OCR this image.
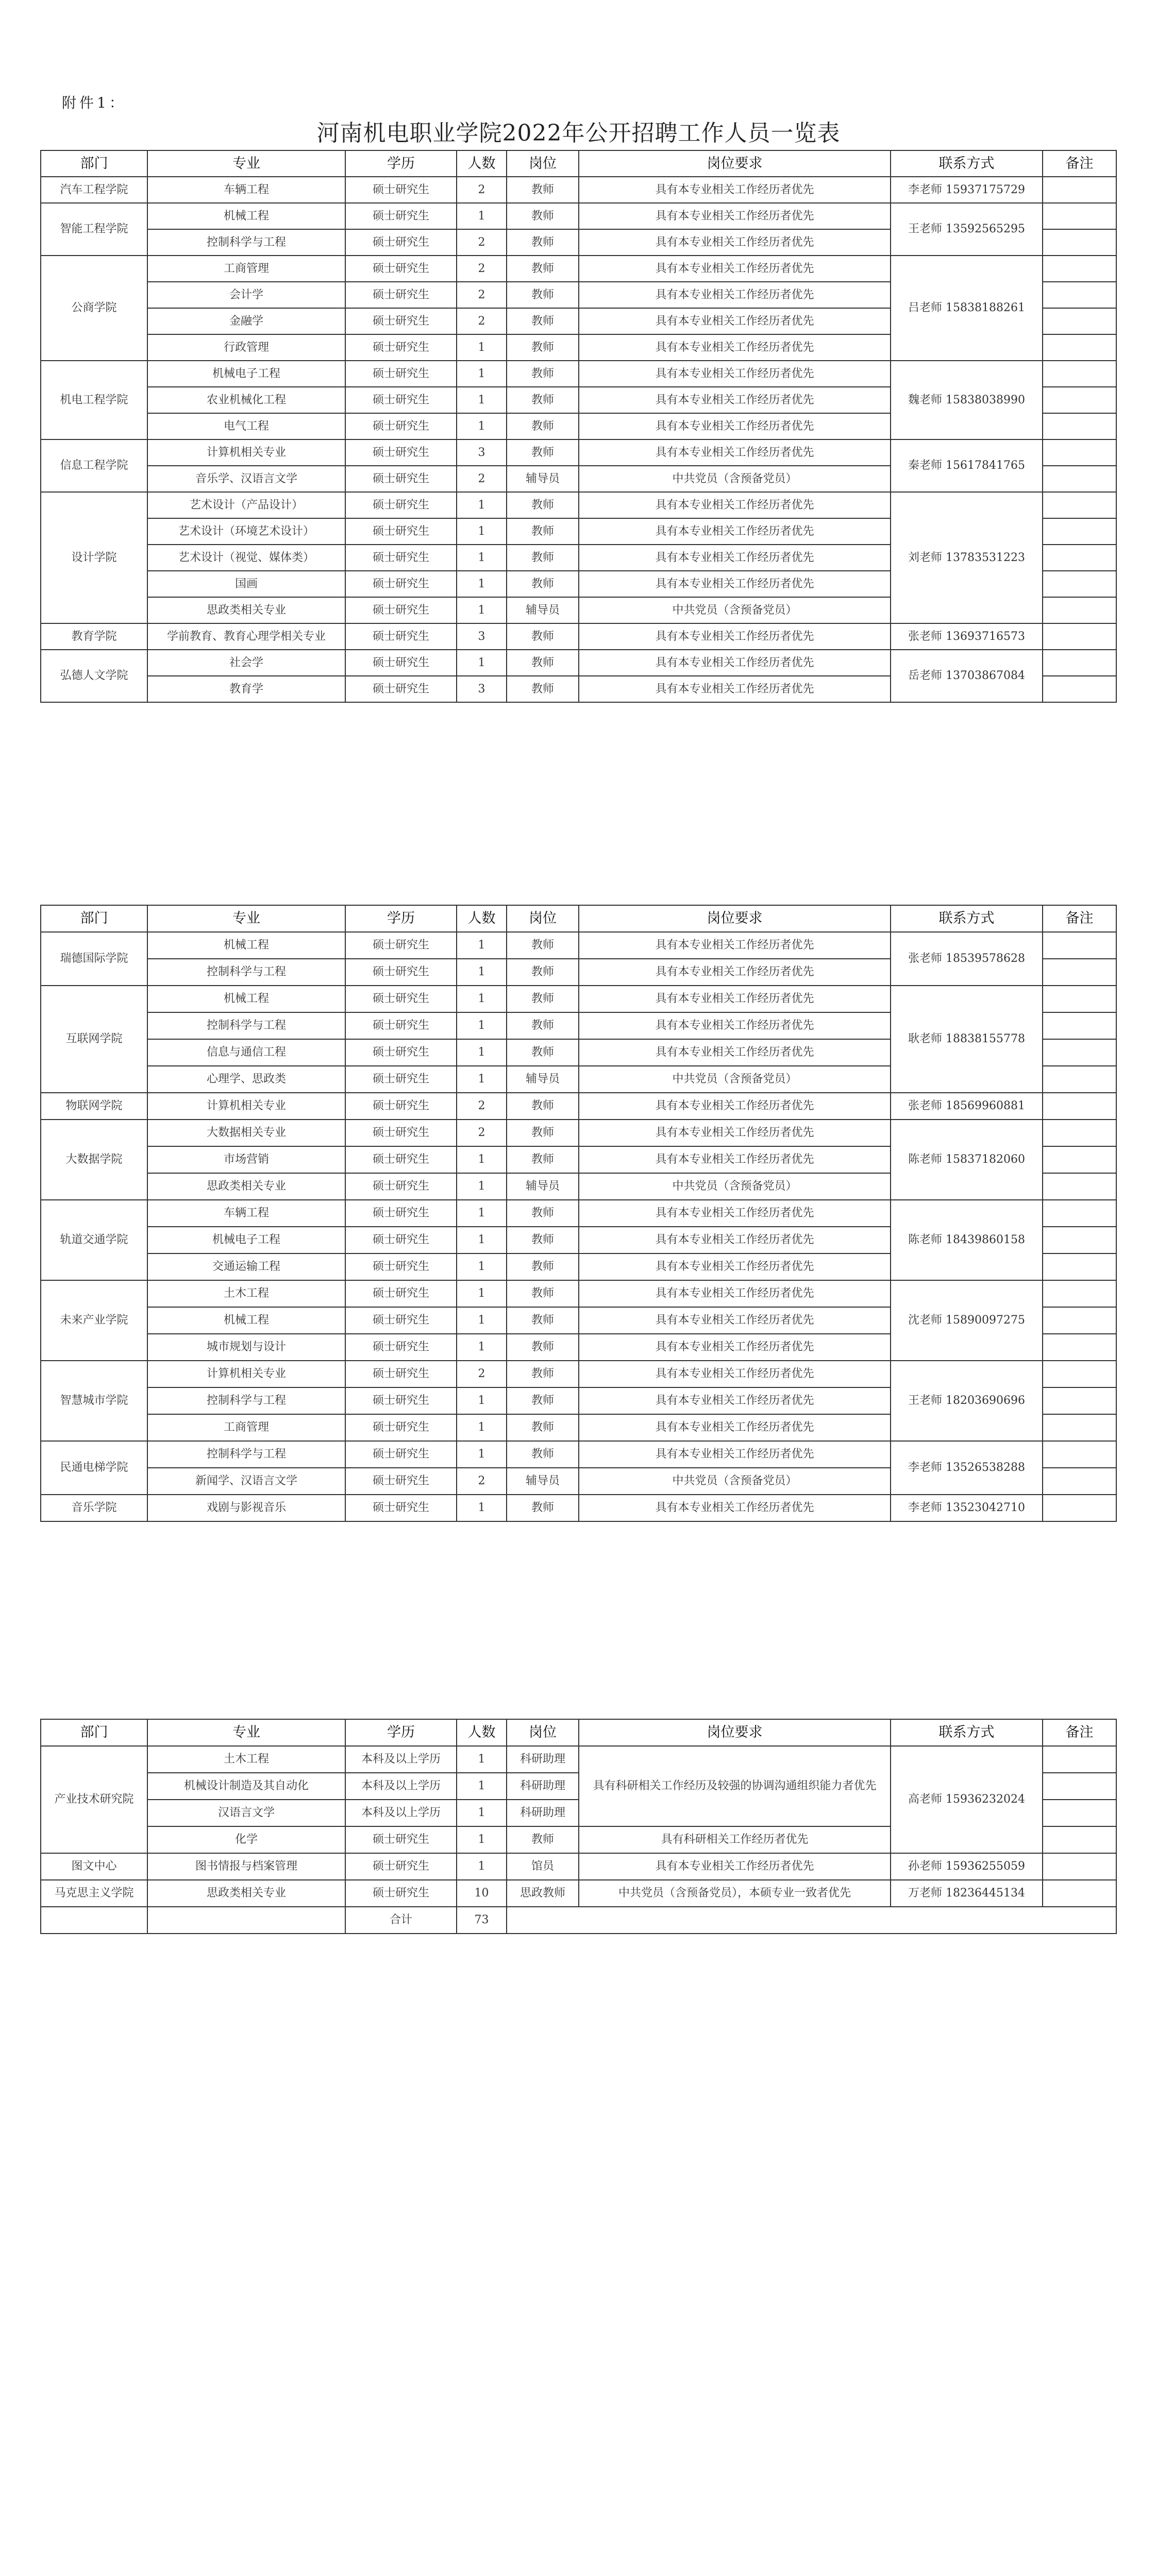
附件1：
河南机电职业学院2022年公开招聘工作人员一览表
部门	专业	学历	人数	岗位	岗位要求	联系方式	备注
汽车工程学院	车辆工程	硕士研究生	2	教师	具有本专业相关工作经历者优先	李老师 15937175729	
智能工程学院	机械工程	硕士研究生	1	教师	具有本专业相关工作经历者优先	王老师 13592565295	
	控制科学与工程	硕士研究生	2	教师	具有本专业相关工作经历者优先		
公商学院	工商管理	硕士研究生	2	教师	具有本专业相关工作经历者优先	吕老师 15838188261	
	会计学	硕士研究生	2	教师	具有本专业相关工作经历者优先		
	金融学	硕士研究生	2	教师	具有本专业相关工作经历者优先		
	行政管理	硕士研究生	1	教师	具有本专业相关工作经历者优先		
机电工程学院	机械电子工程	硕士研究生	1	教师	具有本专业相关工作经历者优先	魏老师 15838038990	
	农业机械化工程	硕士研究生	1	教师	具有本专业相关工作经历者优先		
	电气工程	硕士研究生	1	教师	具有本专业相关工作经历者优先		
信息工程学院	计算机相关专业	硕士研究生	3	教师	具有本专业相关工作经历者优先	秦老师 15617841765	
	音乐学、汉语言文学	硕士研究生	2	辅导员	中共党员（含预备党员）		
设计学院	艺术设计（产品设计）	硕士研究生	1	教师	具有本专业相关工作经历者优先	刘老师 13783531223	
	艺术设计（环境艺术设计）	硕士研究生	1	教师	具有本专业相关工作经历者优先		
	艺术设计（视觉、媒体类）	硕士研究生	1	教师	具有本专业相关工作经历者优先		
	国画	硕士研究生	1	教师	具有本专业相关工作经历者优先		
	思政类相关专业	硕士研究生	1	辅导员	中共党员（含预备党员）		
教育学院	学前教育、教育心理学相关专业	硕士研究生	3	教师	具有本专业相关工作经历者优先	张老师 13693716573	
弘德人文学院	社会学	硕士研究生	1	教师	具有本专业相关工作经历者优先	岳老师 13703867084	
	教育学	硕士研究生	3	教师	具有本专业相关工作经历者优先		
部门	专业	学历	人数	岗位	岗位要求	联系方式	备注
瑞德国际学院	机械工程	硕士研究生	1	教师	具有本专业相关工作经历者优先	张老师 18539578628	
	控制科学与工程	硕士研究生	1	教师	具有本专业相关工作经历者优先		
互联网学院	机械工程	硕士研究生	1	教师	具有本专业相关工作经历者优先	耿老师 18838155778	
	控制科学与工程	硕士研究生	1	教师	具有本专业相关工作经历者优先		
	信息与通信工程	硕士研究生	1	教师	具有本专业相关工作经历者优先		
	心理学、思政类	硕士研究生	1	辅导员	中共党员（含预备党员）		
物联网学院	计算机相关专业	硕士研究生	2	教师	具有本专业相关工作经历者优先	张老师 18569960881	
大数据学院	大数据相关专业	硕士研究生	2	教师	具有本专业相关工作经历者优先	陈老师 15837182060	
	市场营销	硕士研究生	1	教师	具有本专业相关工作经历者优先		
	思政类相关专业	硕士研究生	1	辅导员	中共党员（含预备党员）		
轨道交通学院	车辆工程	硕士研究生	1	教师	具有本专业相关工作经历者优先	陈老师 18439860158	
	机械电子工程	硕士研究生	1	教师	具有本专业相关工作经历者优先		
	交通运输工程	硕士研究生	1	教师	具有本专业相关工作经历者优先		
未来产业学院	土木工程	硕士研究生	1	教师	具有本专业相关工作经历者优先	沈老师 15890097275	
	机械工程	硕士研究生	1	教师	具有本专业相关工作经历者优先		
	城市规划与设计	硕士研究生	1	教师	具有本专业相关工作经历者优先		
智慧城市学院	计算机相关专业	硕士研究生	2	教师	具有本专业相关工作经历者优先	王老师 18203690696	
	控制科学与工程	硕士研究生	1	教师	具有本专业相关工作经历者优先		
	工商管理	硕士研究生	1	教师	具有本专业相关工作经历者优先		
民通电梯学院	控制科学与工程	硕士研究生	1	教师	具有本专业相关工作经历者优先	李老师 13526538288	
	新闻学、汉语言文学	硕士研究生	2	辅导员	中共党员（含预备党员）		
音乐学院	戏剧与影视音乐	硕士研究生	1	教师	具有本专业相关工作经历者优先	李老师 13523042710	
部门	专业	学历	人数	岗位	岗位要求	联系方式	备注
产业技术研究院	土木工程	本科及以上学历	1	科研助理	具有科研相关工作经历及较强的协调沟通组织能力者优先	高老师 15936232024	
	机械设计制造及其自动化	本科及以上学历	1	科研助理			
	汉语言文学	本科及以上学历	1	科研助理			
	化学	硕士研究生	1	教师	具有科研相关工作经历者优先		
图文中心	图书情报与档案管理	硕士研究生	1	馆员	具有本专业相关工作经历者优先	孙老师 15936255059	
马克思主义学院	思政类相关专业	硕士研究生	10	思政教师	中共党员（含预备党员），本硕专业一致者优先	万老师 18236445134	
		合计	73				
